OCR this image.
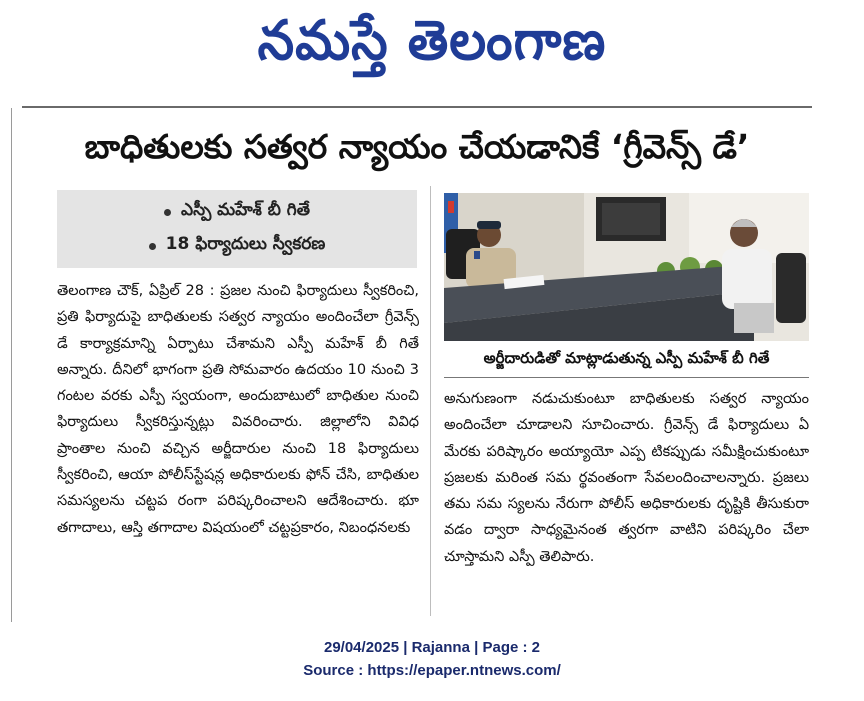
నమస్తే తెలంగాణ
బాధితులకు సత్వర న్యాయం చేయడానికే ‘గ్రీవెన్స్ డే’
ఎస్పీ మహేశ్ బీ గితే
18 ఫిర్యాదులు స్వీకరణ
అర్జీదారుడితో మాట్లాడుతున్న ఎస్పీ మహేశ్ బీ గితే

తెలంగాణ చౌక్, ఏప్రిల్ 28 : ప్రజల నుంచి ఫిర్యాదులు స్వీకరించి, ప్రతి ఫిర్యాదుపై బాధితులకు సత్వర న్యాయం అందించేలా గ్రీవెన్స్ డే కార్యాక్రమాన్ని ఏర్పాటు చేశామని ఎస్పీ మహేశ్ బీ గితే అన్నారు. దీనిలో భాగంగా ప్రతి సోమవారం ఉదయం 10 నుంచి 3 గంటల వరకు ఎస్పీ స్వయంగా, అందుబాటులో బాధితుల నుంచి ఫిర్యాదులు స్వీకరిస్తున్నట్లు వివరించారు. జిల్లాలోని వివిధ ప్రాంతాల నుంచి వచ్చిన అర్జీదారుల నుంచి 18 ఫిర్యాదులు స్వీకరించి, ఆయా పోలీస్‌స్టేషన్ల అధికారులకు ఫోన్ చేసి, బాధితుల సమస్యలను చట్టప రంగా పరిష్కరించాలని ఆదేశించారు. భూ తగాదాలు, ఆస్తి తగాదాల విషయంలో చట్టప్రకారం, నిబంధనలకు

అనుగుణంగా నడుచుకుంటూ బాధితులకు సత్వర న్యాయం అందించేలా చూడాలని సూచించారు. గ్రీవెన్స్ డే ఫిర్యాదులు ఏ మేరకు పరిష్కారం అయ్యాయో ఎప్ప టికప్పుడు సమీక్షించుకుంటూ ప్రజలకు మరింత సమ ర్థవంతంగా సేవలందించాలన్నారు. ప్రజలు తమ సమ స్యలను నేరుగా పోలీస్ అధికారులకు దృష్టికి తీసుకురా వడం ద్వారా సాధ్యమైనంత త్వరగా వాటిని పరిష్కరిం చేలా చూస్తామని ఎస్పీ తెలిపారు.

29/04/2025 | Rajanna | Page : 2
Source : https://epaper.ntnews.com/
